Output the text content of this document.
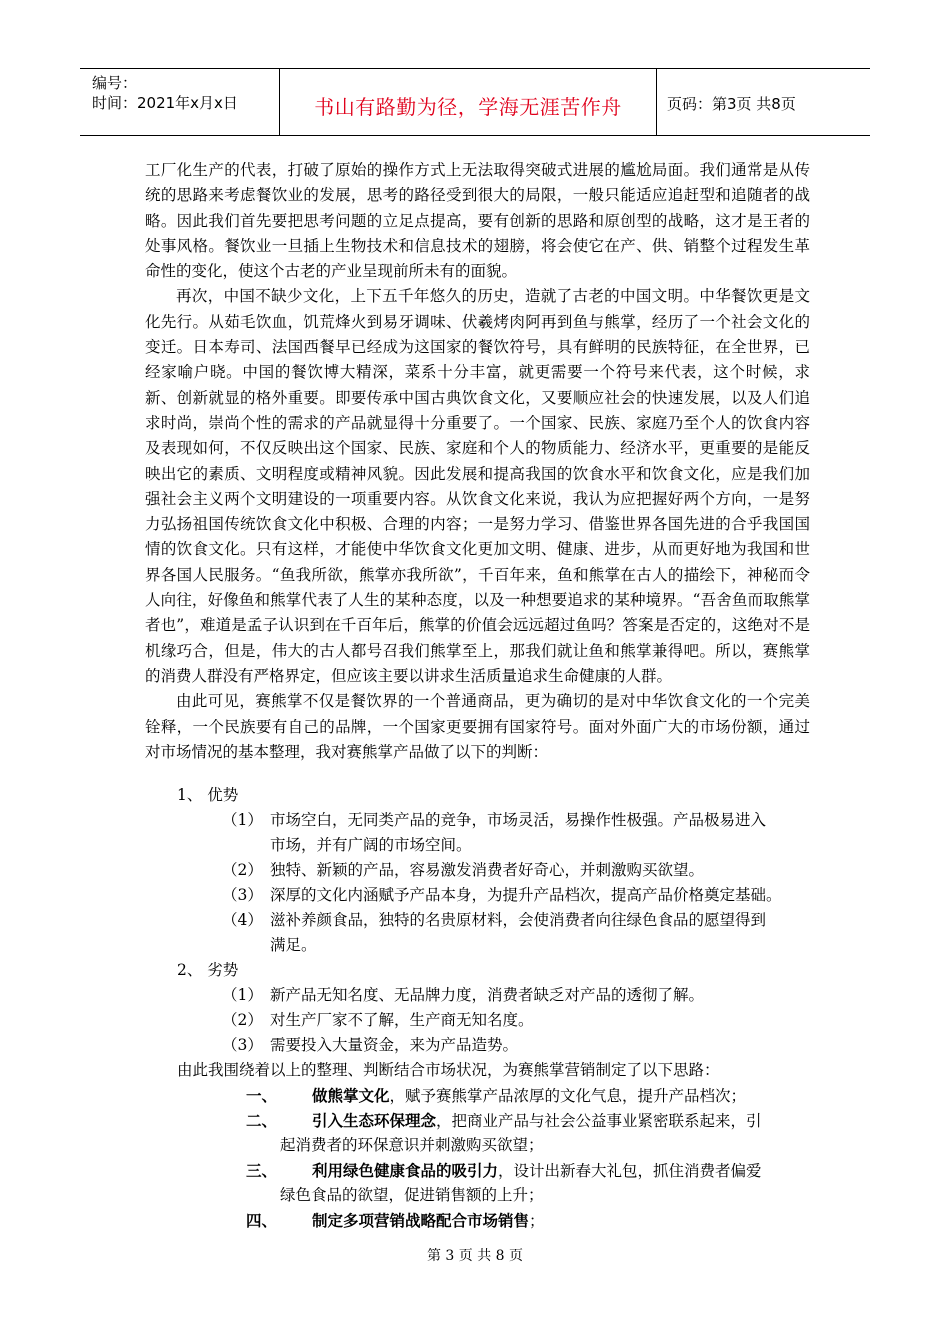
编号：
时间：2021年x月x日	书山有路勤为径，学海无涯苦作舟	页码：第3页 共8页

工厂化生产的代表，打破了原始的操作方式上无法取得突破式进展的尴尬局面。我们通常是从传统的思路来考虑餐饮业的发展，思考的路径受到很大的局限，一般只能适应追赶型和追随者的战略。因此我们首先要把思考问题的立足点提高，要有创新的思路和原创型的战略，这才是王者的处事风格。餐饮业一旦插上生物技术和信息技术的翅膀，将会使它在产、供、销整个过程发生革命性的变化，使这个古老的产业呈现前所未有的面貌。

再次，中国不缺少文化，上下五千年悠久的历史，造就了古老的中国文明。中华餐饮更是文化先行。从茹毛饮血，饥荒烽火到易牙调味、伏羲烤肉阿再到鱼与熊掌，经历了一个社会文化的变迁。日本寿司、法国西餐早已经成为这国家的餐饮符号，具有鲜明的民族特征，在全世界，已经家喻户晓。中国的餐饮博大精深，菜系十分丰富，就更需要一个符号来代表，这个时候，求新、创新就显的格外重要。即要传承中国古典饮食文化，又要顺应社会的快速发展，以及人们追求时尚，崇尚个性的需求的产品就显得十分重要了。一个国家、民族、家庭乃至个人的饮食内容及表现如何，不仅反映出这个国家、民族、家庭和个人的物质能力、经济水平，更重要的是能反映出它的素质、文明程度或精神风貌。因此发展和提高我国的饮食水平和饮食文化，应是我们加强社会主义两个文明建设的一项重要内容。从饮食文化来说，我认为应把握好两个方向，一是努力弘扬祖国传统饮食文化中积极、合理的内容；一是努力学习、借鉴世界各国先进的合乎我国国情的饮食文化。只有这样，才能使中华饮食文化更加文明、健康、进步，从而更好地为我国和世界各国人民服务。“鱼我所欲，熊掌亦我所欲”，千百年来，鱼和熊掌在古人的描绘下，神秘而令人向往，好像鱼和熊掌代表了人生的某种态度，以及一种想要追求的某种境界。“吾舍鱼而取熊掌者也”，难道是孟子认识到在千百年后，熊掌的价值会远远超过鱼吗？答案是否定的，这绝对不是机缘巧合，但是，伟大的古人都号召我们熊掌至上，那我们就让鱼和熊掌兼得吧。所以，赛熊掌的消费人群没有严格界定，但应该主要以讲求生活质量追求生命健康的人群。

由此可见，赛熊掌不仅是餐饮界的一个普通商品，更为确切的是对中华饮食文化的一个完美铨释，一个民族要有自己的品牌，一个国家更要拥有国家符号。面对外面广大的市场份额，通过对市场情况的基本整理，我对赛熊掌产品做了以下的判断：

1、 优势
（1） 市场空白，无同类产品的竞争，市场灵活，易操作性极强。产品极易进入
市场，并有广阔的市场空间。
（2） 独特、新颖的产品，容易激发消费者好奇心，并刺激购买欲望。
（3） 深厚的文化内涵赋予产品本身，为提升产品档次，提高产品价格奠定基础。
（4） 滋补养颜食品，独特的名贵原材料，会使消费者向往绿色食品的愿望得到
满足。
2、 劣势
（1） 新产品无知名度、无品牌力度，消费者缺乏对产品的透彻了解。
（2） 对生产厂家不了解，生产商无知名度。
（3） 需要投入大量资金，来为产品造势。
由此我围绕着以上的整理、判断结合市场状况，为赛熊掌营销制定了以下思路：
一、 做熊掌文化，赋予赛熊掌产品浓厚的文化气息，提升产品档次；
二、 引入生态环保理念，把商业产品与社会公益事业紧密联系起来，引
起消费者的环保意识并刺激购买欲望；
三、 利用绿色健康食品的吸引力，设计出新春大礼包，抓住消费者偏爱
绿色食品的欲望，促进销售额的上升；
四、 制定多项营销战略配合市场销售；
第 3 页 共 8 页
